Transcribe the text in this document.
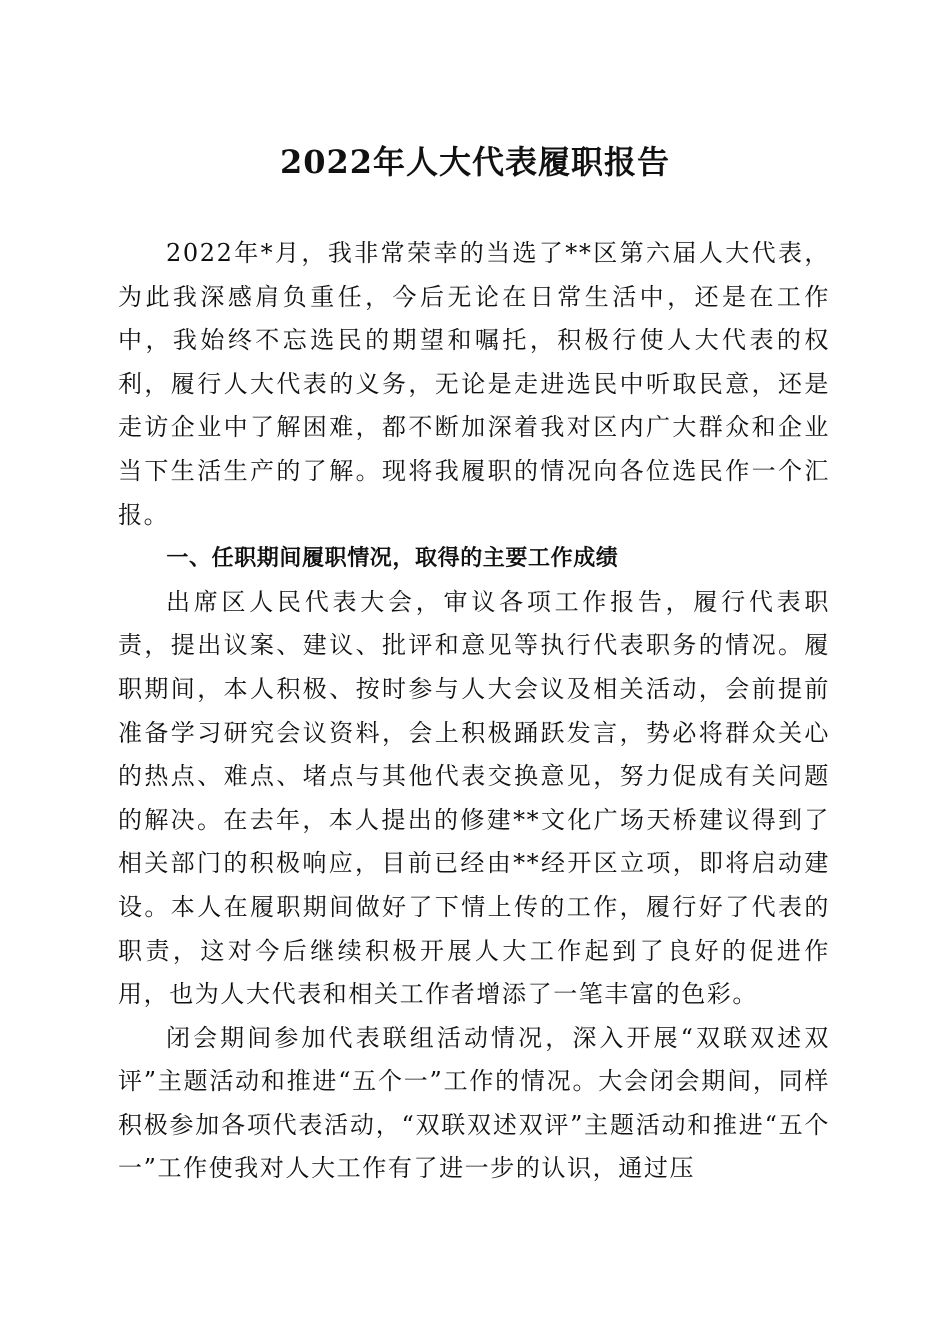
2022年人大代表履职报告

2022年*月，我非常荣幸的当选了**区第六届人大代表，为此我深感肩负重任，今后无论在日常生活中，还是在工作中，我始终不忘选民的期望和嘱托，积极行使人大代表的权利，履行人大代表的义务，无论是走进选民中听取民意，还是走访企业中了解困难，都不断加深着我对区内广大群众和企业当下生活生产的了解。现将我履职的情况向各位选民作一个汇报。

一、任职期间履职情况，取得的主要工作成绩

出席区人民代表大会，审议各项工作报告，履行代表职责，提出议案、建议、批评和意见等执行代表职务的情况。履职期间，本人积极、按时参与人大会议及相关活动，会前提前准备学习研究会议资料，会上积极踊跃发言，势必将群众关心的热点、难点、堵点与其他代表交换意见，努力促成有关问题的解决。在去年，本人提出的修建**文化广场天桥建议得到了相关部门的积极响应，目前已经由**经开区立项，即将启动建设。本人在履职期间做好了下情上传的工作，履行好了代表的职责，这对今后继续积极开展人大工作起到了良好的促进作用，也为人大代表和相关工作者增添了一笔丰富的色彩。

闭会期间参加代表联组活动情况，深入开展“双联双述双评”主题活动和推进“五个一”工作的情况。大会闭会期间，同样积极参加各项代表活动，“双联双述双评”主题活动和推进“五个一”工作使我对人大工作有了进一步的认识，通过压
